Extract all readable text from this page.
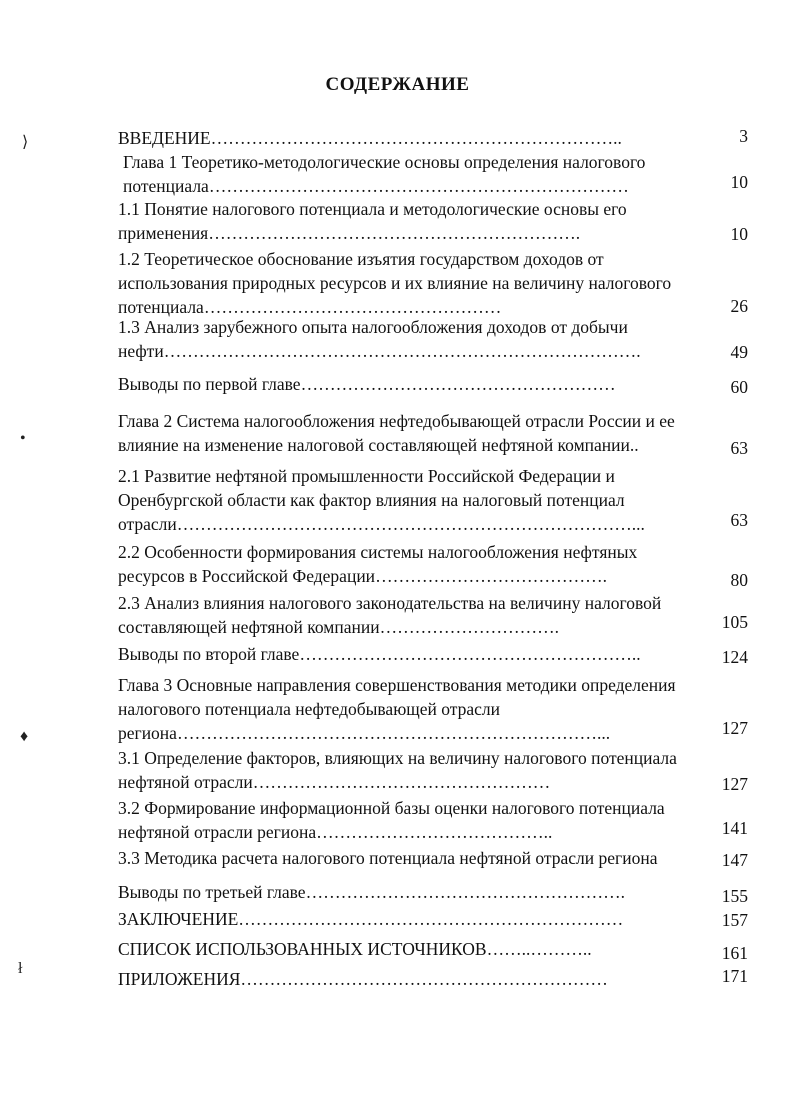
СОДЕРЖАНИЕ
⟩
•
♦
ł
ВВЕДЕНИЕ……………………………………………………………..	3
Глава 1 Теоретико-методологические основы определения налогового потенциала………………………………………………………………	10
1.1 Понятие налогового потенциала и методологические основы его применения……………………………………………………….	10
1.2 Теоретическое обоснование изъятия государством доходов от использования природных ресурсов и их влияние на величину налогового потенциала……………………………………………	26
1.3 Анализ зарубежного опыта налогообложения доходов от добычи нефти……………………………………………………………………….	49
Выводы по первой главе………………………………………………	60
Глава 2 Система налогообложения нефтедобывающей отрасли России и ее влияние на изменение налоговой составляющей нефтяной компании..	63
2.1 Развитие нефтяной промышленности Российской Федерации и Оренбургской области как фактор влияния на налоговый потенциал отрасли……………………………………………………………………...	63
2.2 Особенности формирования системы налогообложения нефтяных ресурсов в Российской Федерации………………………………….	80
2.3 Анализ влияния налогового законодательства на величину налоговой составляющей нефтяной компании………………………….	105
Выводы по второй главе…………………………………………………..	124
Глава 3 Основные направления совершенствования методики определения налогового потенциала нефтедобывающей отрасли региона………………………………………………………………...	127
3.1 Определение факторов, влияющих на величину налогового потенциала нефтяной отрасли……………………………………………	127
3.2 Формирование информационной базы оценки налогового потенциала нефтяной отрасли региона…………………………………..	141
3.3 Методика расчета налогового потенциала нефтяной отрасли региона	147
Выводы по третьей главе……………………………………………….	155
ЗАКЛЮЧЕНИЕ…………………………………………………………	157
СПИСОК ИСПОЛЬЗОВАННЫХ ИСТОЧНИКОВ……..………..	161
ПРИЛОЖЕНИЯ………………………………………………………	171
